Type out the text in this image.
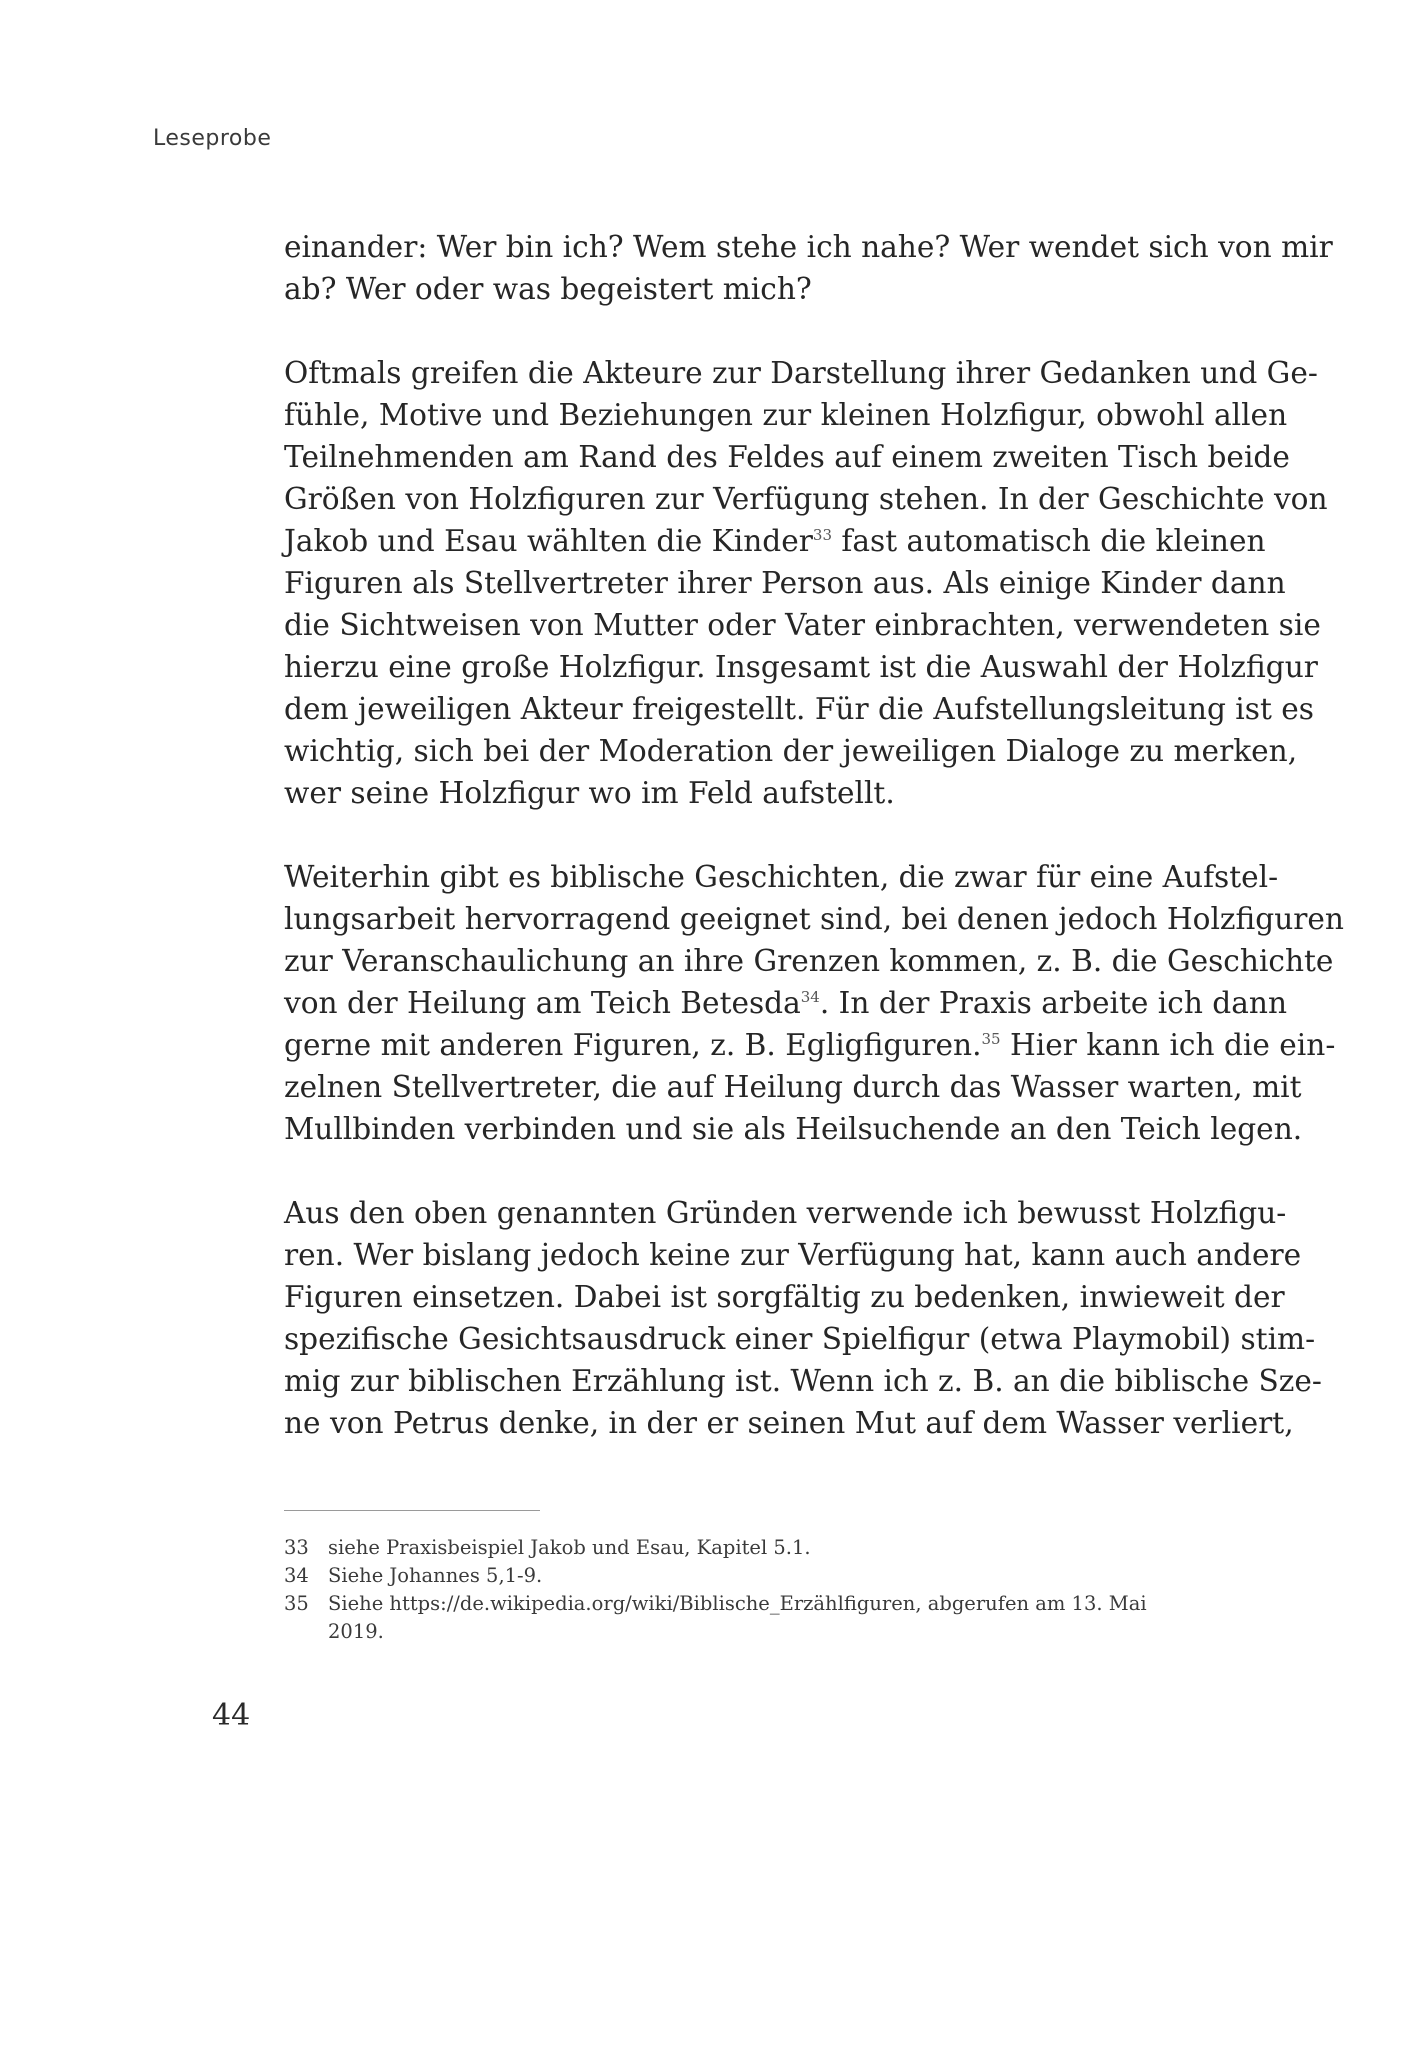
Leseprobe
einander: Wer bin ich? Wem stehe ich nahe? Wer wendet sich von mir
ab? Wer oder was begeistert mich?
Oftmals greifen die Akteure zur Darstellung ihrer Gedanken und Ge-
fühle, Motive und Beziehungen zur kleinen Holzfigur, obwohl allen
Teilnehmenden am Rand des Feldes auf einem zweiten Tisch beide
Größen von Holzfiguren zur Verfügung stehen. In der Geschichte von
Jakob und Esau wählten die Kinder$^{33}$ fast automatisch die kleinen
Figuren als Stellvertreter ihrer Person aus. Als einige Kinder dann
die Sichtweisen von Mutter oder Vater einbrachten, verwendeten sie
hierzu eine große Holzfigur. Insgesamt ist die Auswahl der Holzfigur
dem jeweiligen Akteur freigestellt. Für die Aufstellungsleitung ist es
wichtig, sich bei der Moderation der jeweiligen Dialoge zu merken,
wer seine Holzfigur wo im Feld aufstellt.
Weiterhin gibt es biblische Geschichten, die zwar für eine Aufstel-
lungsarbeit hervorragend geeignet sind, bei denen jedoch Holzfiguren
zur Veranschaulichung an ihre Grenzen kommen, z. B. die Geschichte
von der Heilung am Teich Betesda$^{34}$. In der Praxis arbeite ich dann
gerne mit anderen Figuren, z. B. Egligfiguren.$^{35}$ Hier kann ich die ein-
zelnen Stellvertreter, die auf Heilung durch das Wasser warten, mit
Mullbinden verbinden und sie als Heilsuchende an den Teich legen.
Aus den oben genannten Gründen verwende ich bewusst Holzfigu-
ren. Wer bislang jedoch keine zur Verfügung hat, kann auch andere
Figuren einsetzen. Dabei ist sorgfältig zu bedenken, inwieweit der
spezifische Gesichtsausdruck einer Spielfigur (etwa Playmobil) stim-
mig zur biblischen Erzählung ist. Wenn ich z. B. an die biblische Sze-
ne von Petrus denke, in der er seinen Mut auf dem Wasser verliert,
33 siehe Praxisbeispiel Jakob und Esau, Kapitel 5.1.
34 Siehe Johannes 5,1-9.
35 Siehe https://de.wikipedia.org/wiki/Biblische_Erzählfiguren, abgerufen am 13. Mai 2019.
44
